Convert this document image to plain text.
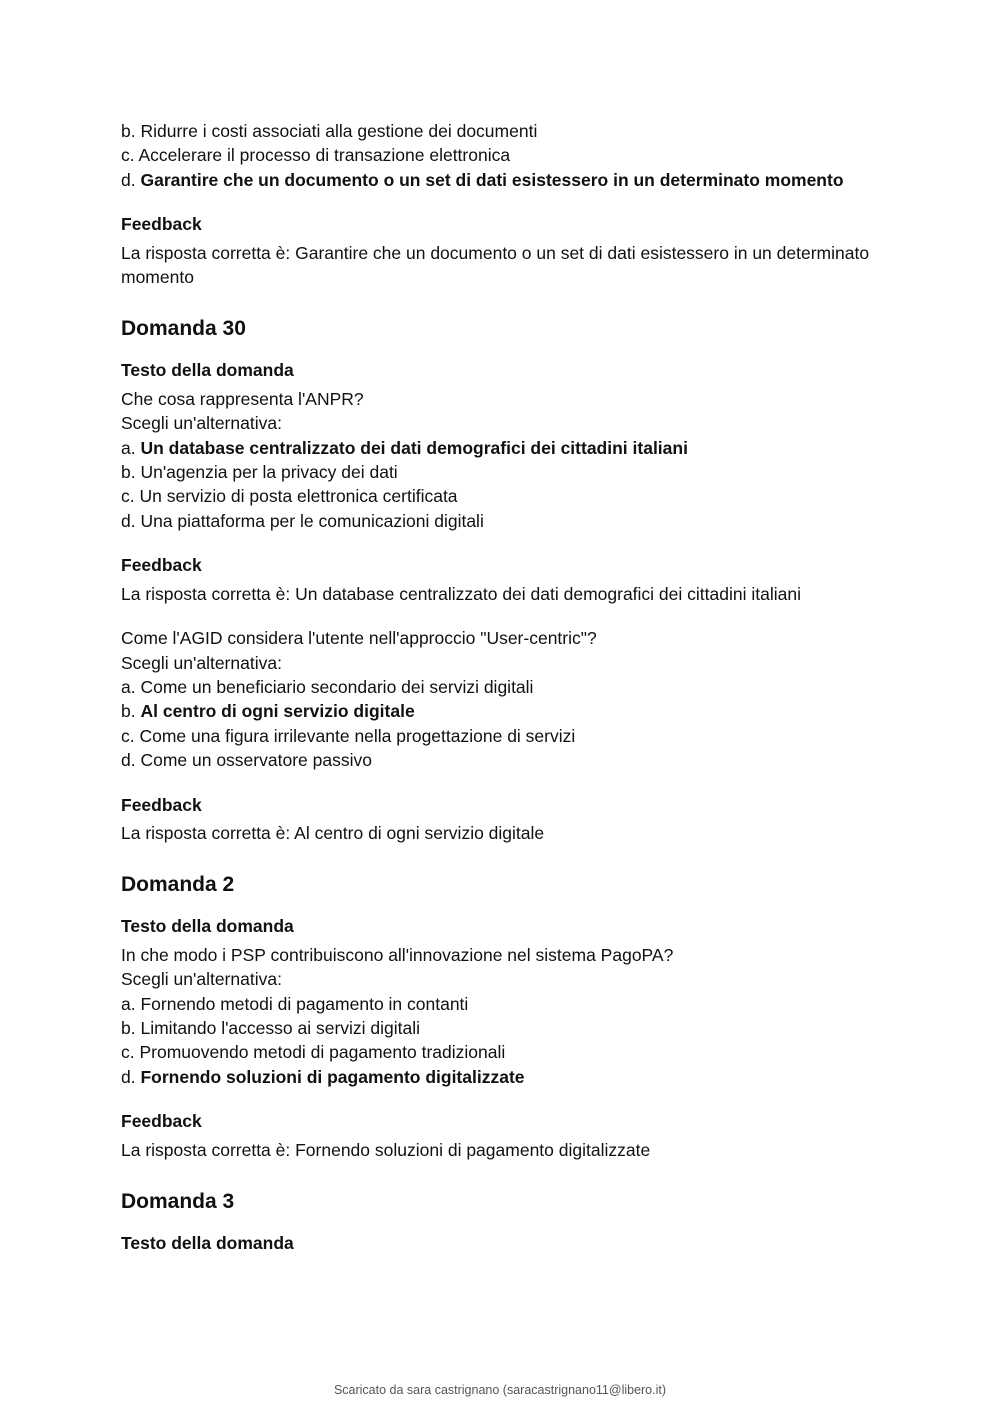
b. Ridurre i costi associati alla gestione dei documenti
c. Accelerare il processo di transazione elettronica
d. Garantire che un documento o un set di dati esistessero in un determinato momento
Feedback
La risposta corretta è: Garantire che un documento o un set di dati esistessero in un determinato momento
Domanda 30
Testo della domanda
Che cosa rappresenta l'ANPR?
Scegli un'alternativa:
a. Un database centralizzato dei dati demografici dei cittadini italiani
b. Un'agenzia per la privacy dei dati
c. Un servizio di posta elettronica certificata
d. Una piattaforma per le comunicazioni digitali
Feedback
La risposta corretta è: Un database centralizzato dei dati demografici dei cittadini italiani
Come l'AGID considera l'utente nell'approccio "User-centric"?
Scegli un'alternativa:
a. Come un beneficiario secondario dei servizi digitali
b. Al centro di ogni servizio digitale
c. Come una figura irrilevante nella progettazione di servizi
d. Come un osservatore passivo
Feedback
La risposta corretta è: Al centro di ogni servizio digitale
Domanda 2
Testo della domanda
In che modo i PSP contribuiscono all'innovazione nel sistema PagoPA?
Scegli un'alternativa:
a. Fornendo metodi di pagamento in contanti
b. Limitando l'accesso ai servizi digitali
c. Promuovendo metodi di pagamento tradizionali
d. Fornendo soluzioni di pagamento digitalizzate
Feedback
La risposta corretta è: Fornendo soluzioni di pagamento digitalizzate
Domanda 3
Testo della domanda
Scaricato da sara castrignano (saracastrignano11@libero.it)
